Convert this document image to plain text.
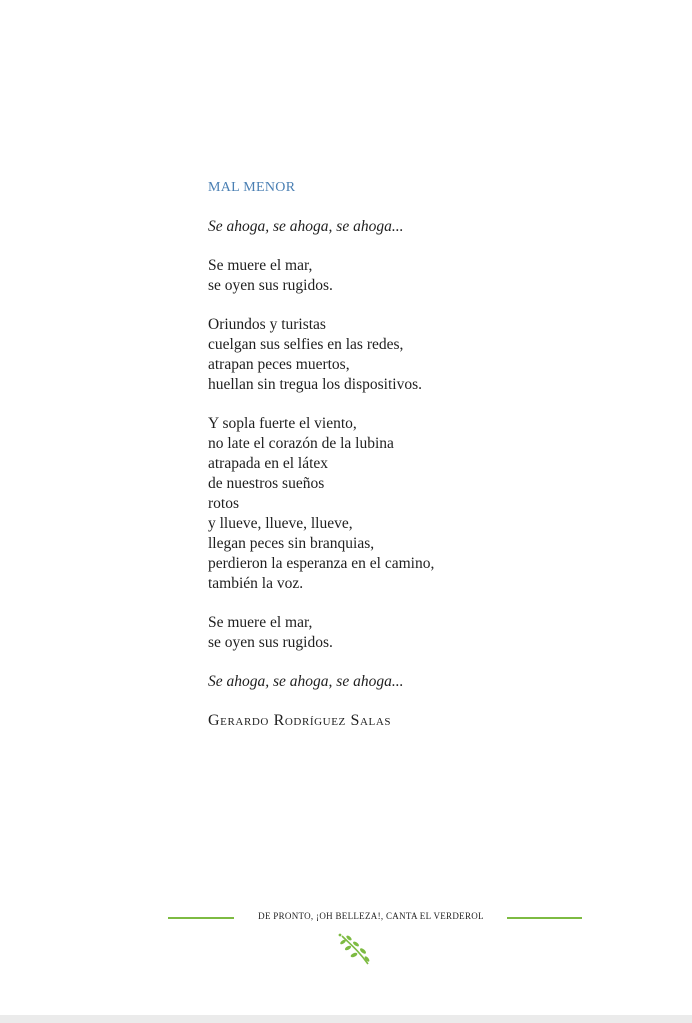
MAL MENOR
Se ahoga, se ahoga, se ahoga...
Se muere el mar,
se oyen sus rugidos.
Oriundos y turistas
cuelgan sus selfies en las redes,
atrapan peces muertos,
huellan sin tregua los dispositivos.
Y sopla fuerte el viento,
no late el corazón de la lubina
atrapada en el látex
de nuestros sueños
rotos
y llueve, llueve, llueve,
llegan peces sin branquias,
perdieron la esperanza en el camino,
también la voz.
Se muere el mar,
se oyen sus rugidos.
Se ahoga, se ahoga, se ahoga...
Gerardo Rodríguez Salas
DE PRONTO, ¡OH BELLEZA!, CANTA EL VERDEROL
